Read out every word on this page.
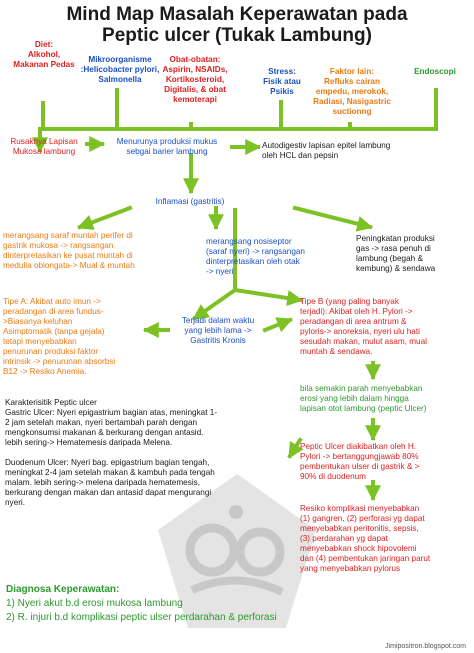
Mind Map Masalah Keperawatan pada
Peptic ulcer (Tukak Lambung)
Diet:
Alkohol,
Makanan Pedas
Mikroorganisme
:Helicobacter pylori,
Salmonella
Obat-obatan:
Aspirin, NSAIDs,
Kortikosteroid,
Digitalis, & obat
kemoterapi
Stress:
Fisik atau
Psikis
Faktor lain:
Refluks cairan
empedu, merokok,
Radiasi, Nasigastric
suctionng
Endoscopi
Rusaknya Lapisan
Mukosa lambung
Menurunya produksi mukus
sebgai barier lambung
Autodigestiv lapisan epitel lambung
oleh HCL dan pepsin
Inflamasi (gastritis)
merangsang saraf muntah perifer di
gastrik mukosa -> rangsangan
dinterpretasikan ke pusat muntah di
medulla oblongata-> Mual & muntah
merangsang nosiseptor
(saraf nyeri) -> rangsangan
dinterpretasikan oleh otak
-> nyeri
Peningkatan produksi
gas -> rasa penuh di
lambung (begah &
kembung) & sendawa
Tipe A: Akibat auto imun ->
peradangan di area fundus-
>Biasanya keluhan
Asimptomatik (tanpa gejala)
tetapi menyebabkan
penurunan produksi faktor
intrinsik -> penurunan absorbsi
B12 -> Resiko Anemia.
Terjadi dalam waktu
yang lebih lama ->
Gastritis Kronis
Tipe B (yang paling banyak
terjadi): Akibat oleh H. Pylori ->
peradangan di area antrum &
pyloris-> anoreksia, nyeri ulu hati
sesudah makan, mulut asam, mual
muntah & sendawa.
Karakterisitik Peptic ulcer
Gastric Ulcer: Nyeri epigastrium bagian atas, meningkat 1-
2 jam setelah makan, nyeri bertambah parah dengan
mengkonsumsi makanan & berkurang dengan antasid.
lebih sering-> Hematemesis daripada Melena.
Duodenum Ulcer: Nyeri bag. epigastrium bagian tengah,
meningkat 2-4 jam setelah makan & kambuh pada tengah
malam. lebih sering-> melena daripada hematemesis,
berkurang dengan makan dan antasid dapat mengurangi
nyeri.
bila semakin parah menyebabkan
erosi yang lebih dalam hingga
lapisan otot lambung (peptic Ulcer)
Peptic Ulcer diakibatkan oleh H.
Pylori -> bertanggungjawab 80%
pembentukan ulser di gastrik & >
90% di duodenum
Resiko komplikasi menyebabkan
(1) gangren, (2) perforasi yg dapat
menyebabkan peritonitis, sepsis,
(3) perdarahan yg dapat
menyebabkan shock hipovolemi
dan (4) pembentukan jaringan parut
yang menyebabkan pylorus
Diagnosa Keperawatan:
1) Nyeri akut b.d erosi mukosa lambung
2) R. injuri b.d komplikasi peptic ulser perdarahan & perforasi
Jimipositron.blogspot.com
